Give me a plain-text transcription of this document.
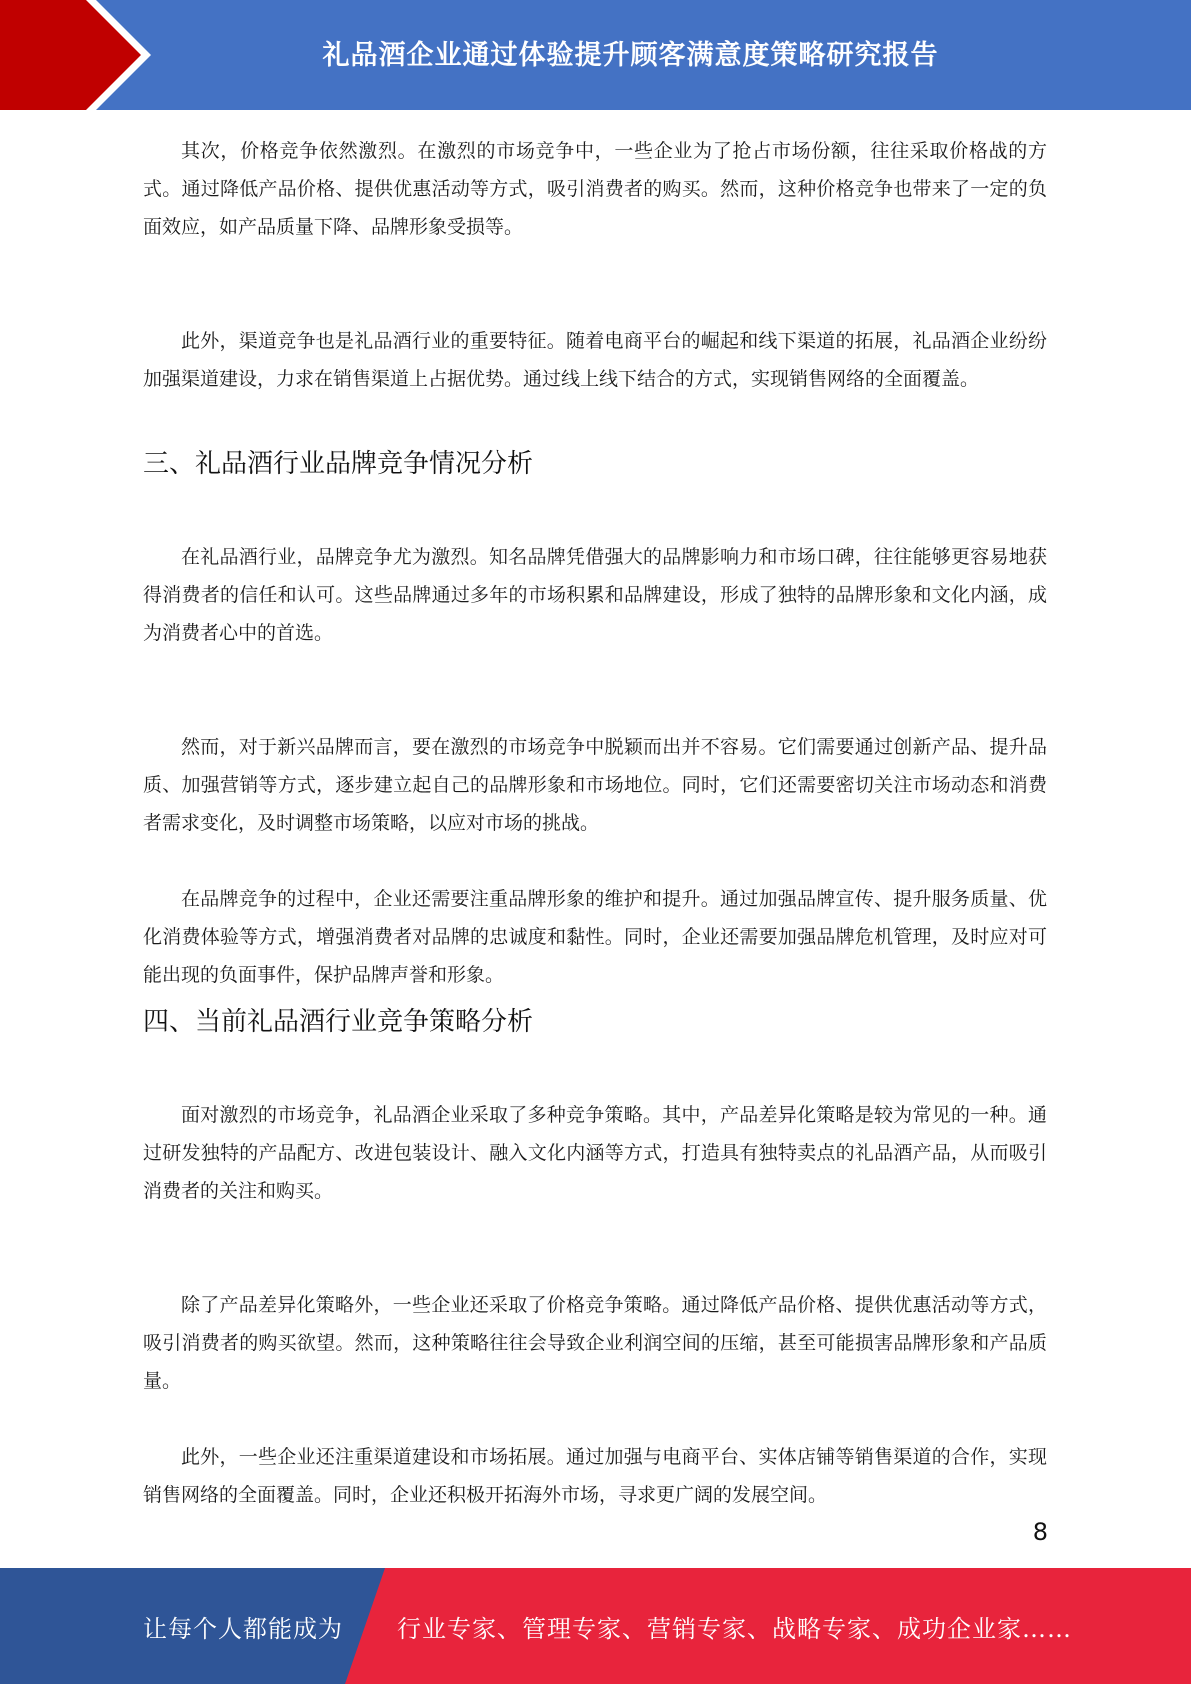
礼品酒企业通过体验提升顾客满意度策略研究报告

其次，价格竞争依然激烈。在激烈的市场竞争中，一些企业为了抢占市场份额，往往采取价格战的方式。通过降低产品价格、提供优惠活动等方式，吸引消费者的购买。然而，这种价格竞争也带来了一定的负面效应，如产品质量下降、品牌形象受损等。

此外，渠道竞争也是礼品酒行业的重要特征。随着电商平台的崛起和线下渠道的拓展，礼品酒企业纷纷加强渠道建设，力求在销售渠道上占据优势。通过线上线下结合的方式，实现销售网络的全面覆盖。

三、礼品酒行业品牌竞争情况分析

在礼品酒行业，品牌竞争尤为激烈。知名品牌凭借强大的品牌影响力和市场口碑，往往能够更容易地获得消费者的信任和认可。这些品牌通过多年的市场积累和品牌建设，形成了独特的品牌形象和文化内涵，成为消费者心中的首选。

然而，对于新兴品牌而言，要在激烈的市场竞争中脱颖而出并不容易。它们需要通过创新产品、提升品质、加强营销等方式，逐步建立起自己的品牌形象和市场地位。同时，它们还需要密切关注市场动态和消费者需求变化，及时调整市场策略，以应对市场的挑战。

在品牌竞争的过程中，企业还需要注重品牌形象的维护和提升。通过加强品牌宣传、提升服务质量、优化消费体验等方式，增强消费者对品牌的忠诚度和黏性。同时，企业还需要加强品牌危机管理，及时应对可能出现的负面事件，保护品牌声誉和形象。

四、当前礼品酒行业竞争策略分析

面对激烈的市场竞争，礼品酒企业采取了多种竞争策略。其中，产品差异化策略是较为常见的一种。通过研发独特的产品配方、改进包装设计、融入文化内涵等方式，打造具有独特卖点的礼品酒产品，从而吸引消费者的关注和购买。

除了产品差异化策略外，一些企业还采取了价格竞争策略。通过降低产品价格、提供优惠活动等方式，吸引消费者的购买欲望。然而，这种策略往往会导致企业利润空间的压缩，甚至可能损害品牌形象和产品质量。

此外，一些企业还注重渠道建设和市场拓展。通过加强与电商平台、实体店铺等销售渠道的合作，实现销售网络的全面覆盖。同时，企业还积极开拓海外市场，寻求更广阔的发展空间。

8
让每个人都能成为 行业专家、管理专家、营销专家、战略专家、成功企业家……
